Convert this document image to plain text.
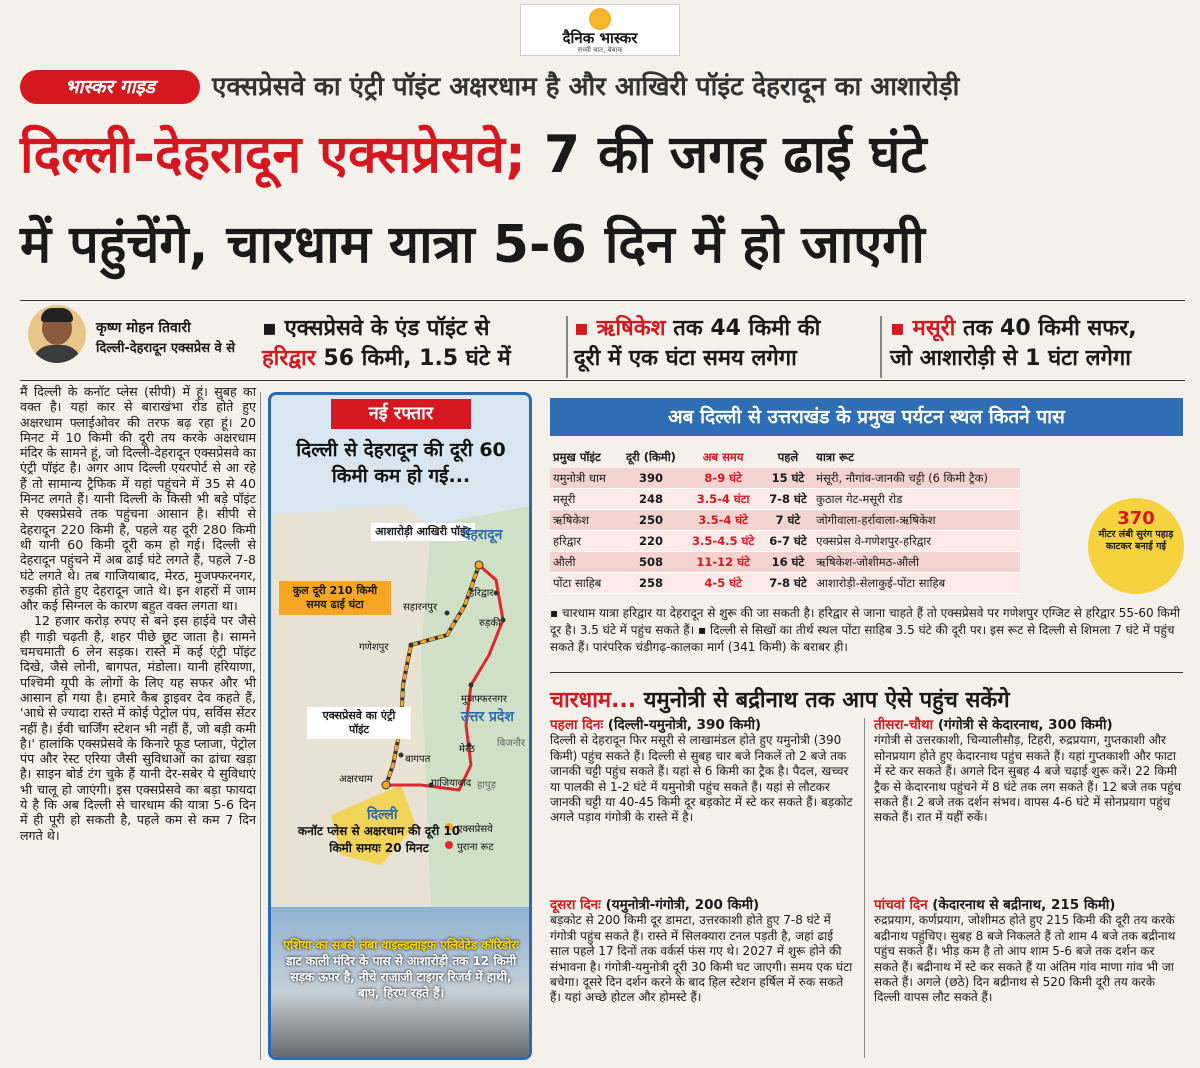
दैनिक भास्कर
सच्ची बात, बेबाक
भास्कर गाइड	एक्सप्रेसवे का एंट्री पॉइंट अक्षरधाम है और आखिरी पॉइंट देहरादून का आशारोड़ी
दिल्ली-देहरादून एक्सप्रेसवे; 7 की जगह ढाई घंटे
में पहुंचेंगे, चारधाम यात्रा 5-6 दिन में हो जाएगी
कृष्ण मोहन तिवारी
दिल्ली-देहरादून एक्सप्रेस वे से
▪ एक्सप्रेसवे के एंड पॉइंट से
हरिद्वार 56 किमी, 1.5 घंटे में
▪ ऋषिकेश तक 44 किमी की
दूरी में एक घंटा समय लगेगा
▪ मसूरी तक 40 किमी सफर,
जो आशारोड़ी से 1 घंटा लगेगा

मैं दिल्ली के कनॉट प्लेस (सीपी) में हूं। सुबह का वक्त है। यहां कार से बाराखंभा रोड होते हुए अक्षरधाम फ्लाईओवर की तरफ बढ़ रहा हूं। 20 मिनट में 10 किमी की दूरी तय करके अक्षरधाम मंदिर के सामने हूं, जो दिल्ली-देहरादून एक्सप्रेसवे का एंट्री पॉइंट है। अगर आप दिल्ली एयरपोर्ट से आ रहे हैं तो सामान्य ट्रैफिक में यहां पहुंचने में 35 से 40 मिनट लगते हैं। यानी दिल्ली के किसी भी बड़े पॉइंट से एक्सप्रेसवे तक पहुंचना आसान है। सीपी से देहरादून 220 किमी है, पहले यह दूरी 280 किमी थी यानी 60 किमी दूरी कम हो गई। दिल्ली से देहरादून पहुंचने में अब ढाई घंटे लगते हैं, पहले 7-8 घंटे लगते थे। तब गाजियाबाद, मेरठ, मुजफ्फरनगर, रुड़की होते हुए देहरादून जाते थे। इन शहरों में जाम और कई सिग्नल के कारण बहुत वक्त लगता था।

12 हजार करोड़ रुपए से बने इस हाईवे पर जैसे ही गाड़ी चढ़ती है, शहर पीछे छूट जाता है। सामने चमचमाती 6 लेन सड़क। रास्ते में कई एंट्री पॉइंट दिखे, जैसे लोनी, बागपत, मंडोला। यानी हरियाणा, पश्चिमी यूपी के लोगों के लिए यह सफर और भी आसान हो गया है। हमारे कैब ड्राइवर देव कहते हैं, 'आधे से ज्यादा रास्ते में कोई पेट्रोल पंप, सर्विस सेंटर नहीं है। ईवी चार्जिंग स्टेशन भी नहीं हैं, जो बड़ी कमी है।' हालांकि एक्सप्रेसवे के किनारे फूड प्लाजा, पेट्रोल पंप और रेस्ट एरिया जैसी सुविधाओं का ढांचा खड़ा है। साइन बोर्ड टंग चुके हैं यानी देर-सबेर ये सुविधाएं भी चालू हो जाएंगी। इस एक्सप्रेसवे का बड़ा फायदा ये है कि अब दिल्ली से चारधाम की यात्रा 5-6 दिन में ही पूरी हो सकती है, पहले कम से कम 7 दिन लगते थे।

नई रफ्तार
दिल्ली से देहरादून की दूरी 60 किमी कम हो गई...
आशारोड़ी आखिरी पॉइंट
देहरादून
कुल दूरी 210 किमी समय ढाई घंटा	सहारनपुर
हरिद्वार
गणेशपुर
रुड़की
मुजफ्फरनगर
उत्तर प्रदेश
बिजनौर
एक्सप्रेसवे का एंट्री पॉइंट
बागपत
मेरठ
अक्षरधाम	गाजियाबाद हापुड़
दिल्ली
एक्सप्रेसवे
पुराना रूट
कनॉट प्लेस से अक्षरधाम की दूरी 10 किमी समयः 20 मिनट
एशिया का सबसे लंबा वाइल्डलाइफ एलिवेटेड कॉरिडोरः डाट काली मंदिर के पास से आशारोड़ी तक 12 किमी सड़क ऊपर है, नीचे राजाजी टाइगर रिजर्व में हाथी, बाघ, हिरण रहते हैं।
अब दिल्ली से उत्तराखंड के प्रमुख पर्यटन स्थल कितने पास
प्रमुख पॉइंट	दूरी (किमी)	अब समय	पहले	यात्रा रूट
यमुनोत्री धाम	390	8-9 घंटे	15 घंटे	मंसूरी, नौगांव-जानकी चट्टी (6 किमी ट्रैक)
मसूरी	248	3.5-4 घंटा	7-8 घंटे	कुठाल गेट-मसूरी रोड
ऋषिकेश	250	3.5-4 घंटे	7 घंटे	जोगीवाला-हर्रावाला-ऋषिकेश
हरिद्वार	220	3.5-4.5 घंटे	6-7 घंटे	एक्सप्रेस वे-गणेशपुर-हरिद्वार
औली	508	11-12 घंटे	16 घंटे	ऋषिकेश-जोशीमठ-औली
पोंटा साहिब	258	4-5 घंटे	7-8 घंटे	आशारोड़ी-सेलाकुई-पोंटा साहिब
370
मीटर लंबी सुरंग पहाड़ काटकर बनाई गई
▪ चारधाम यात्रा हरिद्वार या देहरादून से शुरू की जा सकती है। हरिद्वार से जाना चाहते हैं तो एक्सप्रेसवे पर गणेशपुर एग्जिट से हरिद्वार 55-60 किमी दूर है। 3.5 घंटे में पहुंच सकते हैं। ▪ दिल्ली से सिखों का तीर्थ स्थल पोंटा साहिब 3.5 घंटे की दूरी पर। इस रूट से दिल्ली से शिमला 7 घंटे में पहुंच सकते हैं। पारंपरिक चंडीगढ़-कालका मार्ग (341 किमी) के बराबर ही।
चारधाम... यमुनोत्री से बद्रीनाथ तक आप ऐसे पहुंच सकेंगे
पहला दिनः (दिल्ली-यमुनोत्री, 390 किमी)

दिल्ली से देहरादून फिर मसूरी से लाखामंडल होते हुए यमुनोत्री (390 किमी) पहुंच सकते हैं। दिल्ली से सुबह चार बजे निकलें तो 2 बजे तक जानकी चट्टी पहुंच सकते हैं। यहां से 6 किमी का ट्रैक है। पैदल, खच्चर या पालकी से 1-2 घंटे में यमुनोत्री पहुंच सकते हैं। यहां से लौटकर जानकी चट्टी या 40-45 किमी दूर बड़कोट में स्टे कर सकते हैं। बड़कोट अगले पड़ाव गंगोत्री के रास्ते में है।

दूसरा दिनः (यमुनोत्री-गंगोत्री, 200 किमी)

बड़कोट से 200 किमी दूर डामटा, उत्तरकाशी होते हुए 7-8 घंटे में गंगोत्री पहुंच सकते हैं। रास्ते में सिलक्यारा टनल पड़ती है, जहां ढाई साल पहले 17 दिनों तक वर्कर्स फंस गए थे। 2027 में शुरू होने की संभावना है। गंगोत्री-यमुनोत्री दूरी 30 किमी घट जाएगी। समय एक घंटा बचेगा। दूसरे दिन दर्शन करने के बाद हिल स्टेशन हर्षिल में रुक सकते हैं। यहां अच्छे होटल और होमस्टे हैं।

तीसरा-चौथा (गंगोत्री से केदारनाथ, 300 किमी)

गंगोत्री से उत्तरकाशी, चिन्यालीसौड़, टिहरी, रुद्रप्रयाग, गुप्तकाशी और सोनप्रयाग होते हुए केदारनाथ पहुंच सकते हैं। यहां गुप्तकाशी और फाटा में स्टे कर सकते हैं। अगले दिन सुबह 4 बजे चढ़ाई शुरू करें। 22 किमी ट्रैक से केदारनाथ पहुंचने में 8 घंटे तक लग सकते हैं। 12 बजे तक पहुंच सकते हैं। 2 बजे तक दर्शन संभव। वापस 4-6 घंटे में सोनप्रयाग पहुंच सकते हैं। रात में यहीं रुकें।

पांचवां दिन (केदारनाथ से बद्रीनाथ, 215 किमी)

रुद्रप्रयाग, कर्णप्रयाग, जोशीमठ होते हुए 215 किमी की दूरी तय करके बद्रीनाथ पहुंचिए। सुबह 8 बजे निकलते हैं तो शाम 4 बजे तक बद्रीनाथ पहुंच सकते हैं। भीड़ कम है तो आप शाम 5-6 बजे तक दर्शन कर सकते हैं। बद्रीनाथ में स्टे कर सकते हैं या अंतिम गांव माणा गांव भी जा सकते हैं। अगले (छठे) दिन बद्रीनाथ से 520 किमी दूरी तय करके दिल्ली वापस लौट सकते हैं।
